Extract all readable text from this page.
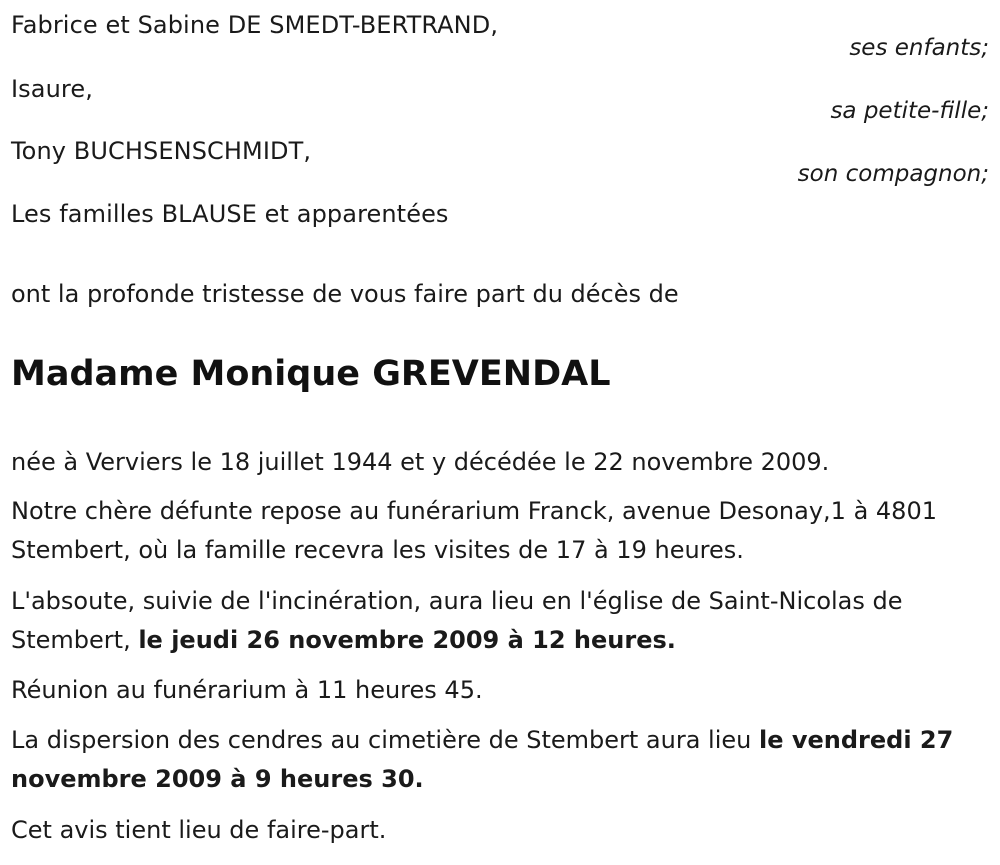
Fabrice et Sabine DE SMEDT-BERTRAND,

ses enfants;

Isaure,

sa petite-fille;

Tony BUCHSENSCHMIDT,

son compagnon;

Les familles BLAUSE et apparentées

ont la profonde tristesse de vous faire part du décès de

Madame Monique GREVENDAL

née à Verviers le 18 juillet 1944 et y décédée le 22 novembre 2009.

Notre chère défunte repose au funérarium Franck, avenue Desonay,1 à 4801 Stembert, où la famille recevra les visites de 17 à 19 heures.

L'absoute, suivie de l'incinération, aura lieu en l'église de Saint-Nicolas de Stembert, le jeudi 26 novembre 2009 à 12 heures.

Réunion au funérarium à 11 heures 45.

La dispersion des cendres au cimetière de Stembert aura lieu le vendredi 27 novembre 2009 à 9 heures 30.

Cet avis tient lieu de faire-part.
